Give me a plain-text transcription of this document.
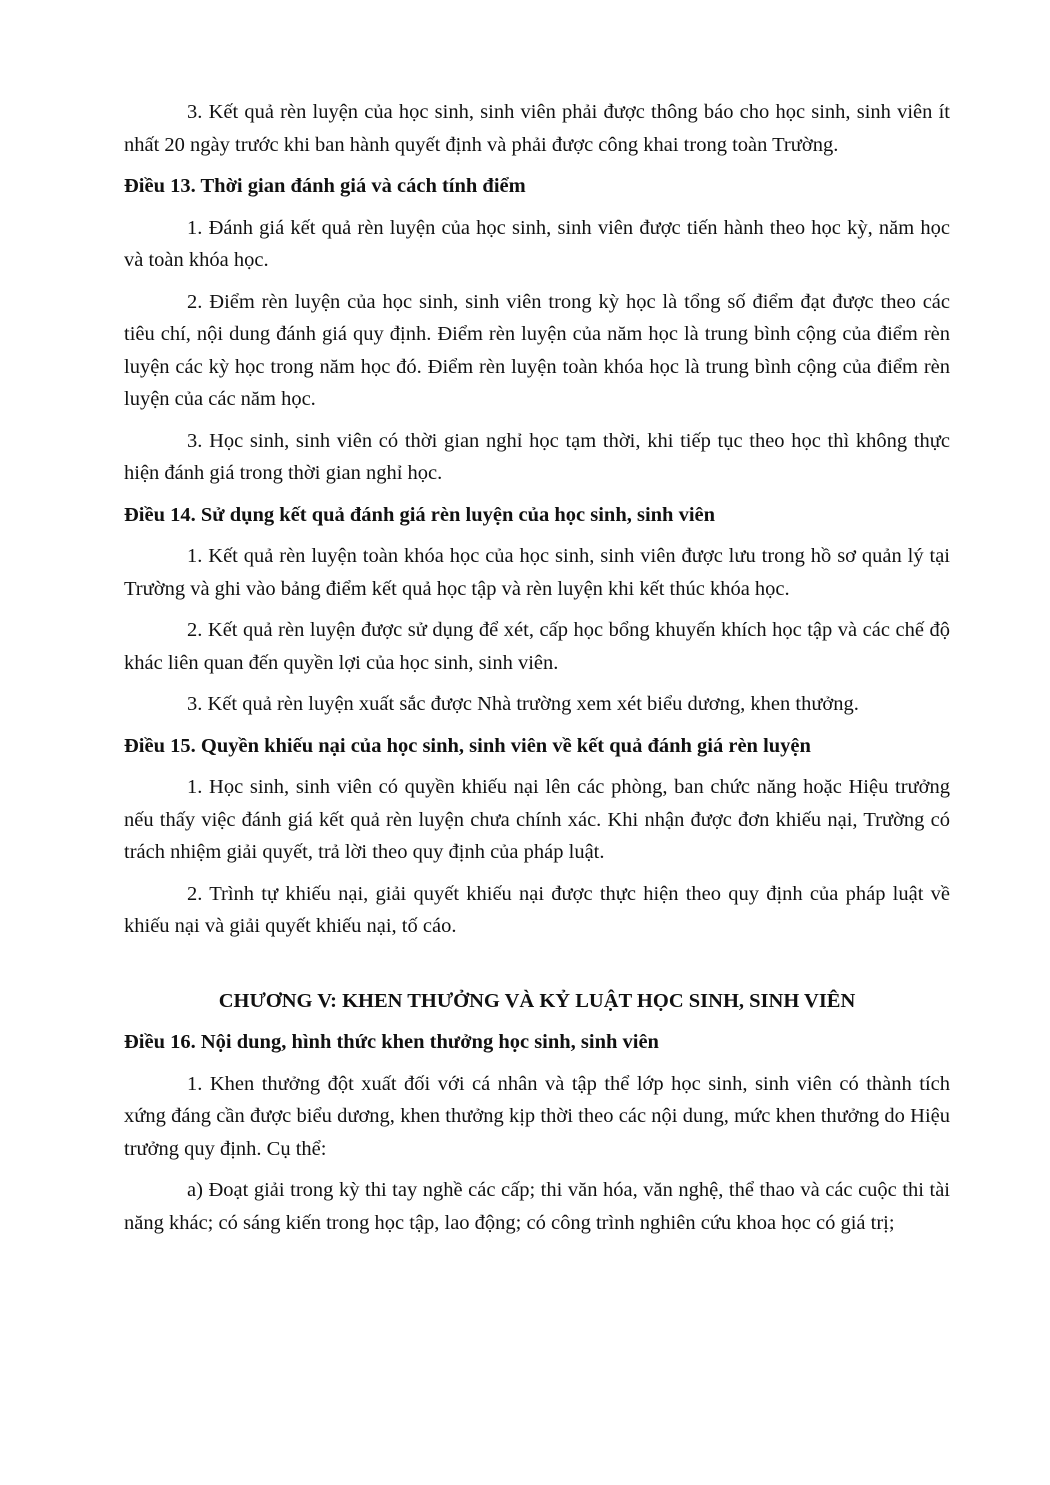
3. Kết quả rèn luyện của học sinh, sinh viên phải được thông báo cho học sinh, sinh viên ít nhất 20 ngày trước khi ban hành quyết định và phải được công khai trong toàn Trường.

Điều 13. Thời gian đánh giá và cách tính điểm

1. Đánh giá kết quả rèn luyện của học sinh, sinh viên được tiến hành theo học kỳ, năm học và toàn khóa học.

2. Điểm rèn luyện của học sinh, sinh viên trong kỳ học là tổng số điểm đạt được theo các tiêu chí, nội dung đánh giá quy định. Điểm rèn luyện của năm học là trung bình cộng của điểm rèn luyện các kỳ học trong năm học đó. Điểm rèn luyện toàn khóa học là trung bình cộng của điểm rèn luyện của các năm học.

3. Học sinh, sinh viên có thời gian nghỉ học tạm thời, khi tiếp tục theo học thì không thực hiện đánh giá trong thời gian nghỉ học.

Điều 14. Sử dụng kết quả đánh giá rèn luyện của học sinh, sinh viên

1. Kết quả rèn luyện toàn khóa học của học sinh, sinh viên được lưu trong hồ sơ quản lý tại Trường và ghi vào bảng điểm kết quả học tập và rèn luyện khi kết thúc khóa học.

2. Kết quả rèn luyện được sử dụng để xét, cấp học bổng khuyến khích học tập và các chế độ khác liên quan đến quyền lợi của học sinh, sinh viên.

3. Kết quả rèn luyện xuất sắc được Nhà trường xem xét biểu dương, khen thưởng.

Điều 15. Quyền khiếu nại của học sinh, sinh viên về kết quả đánh giá rèn luyện

1. Học sinh, sinh viên có quyền khiếu nại lên các phòng, ban chức năng hoặc Hiệu trưởng nếu thấy việc đánh giá kết quả rèn luyện chưa chính xác. Khi nhận được đơn khiếu nại, Trường có trách nhiệm giải quyết, trả lời theo quy định của pháp luật.

2. Trình tự khiếu nại, giải quyết khiếu nại được thực hiện theo quy định của pháp luật về khiếu nại và giải quyết khiếu nại, tố cáo.

CHƯƠNG V: KHEN THƯỞNG VÀ KỶ LUẬT HỌC SINH, SINH VIÊN
Điều 16. Nội dung, hình thức khen thưởng học sinh, sinh viên

1. Khen thưởng đột xuất đối với cá nhân và tập thể lớp học sinh, sinh viên có thành tích xứng đáng cần được biểu dương, khen thưởng kịp thời theo các nội dung, mức khen thưởng do Hiệu trưởng quy định. Cụ thể:

a) Đoạt giải trong kỳ thi tay nghề các cấp; thi văn hóa, văn nghệ, thể thao và các cuộc thi tài năng khác; có sáng kiến trong học tập, lao động; có công trình nghiên cứu khoa học có giá trị;
